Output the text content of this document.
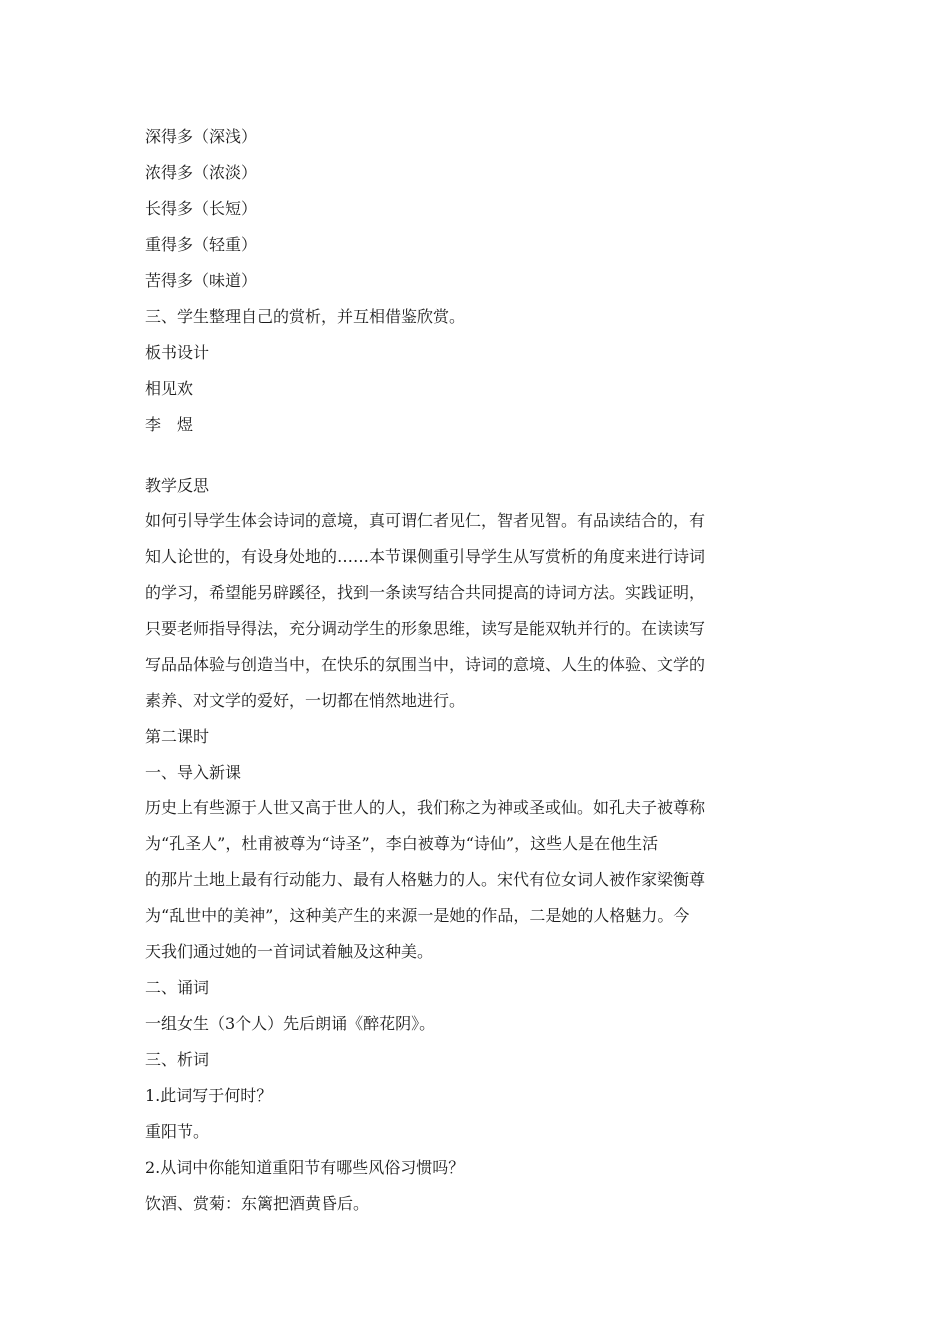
深得多（深浅）
浓得多（浓淡）
长得多（长短）
重得多（轻重）
苦得多（味道）
三、学生整理自己的赏析，并互相借鉴欣赏。
板书设计
相见欢
李　煜
教学反思
如何引导学生体会诗词的意境，真可谓仁者见仁，智者见智。有品读结合的，有
知人论世的，有设身处地的……本节课侧重引导学生从写赏析的角度来进行诗词
的学习，希望能另辟蹊径，找到一条读写结合共同提高的诗词方法。实践证明，
只要老师指导得法，充分调动学生的形象思维，读写是能双轨并行的。在读读写
写品品体验与创造当中，在快乐的氛围当中，诗词的意境、人生的体验、文学的
素养、对文学的爱好，一切都在悄然地进行。
第二课时
一、导入新课
历史上有些源于人世又高于世人的人，我们称之为神或圣或仙。如孔夫子被尊称
为“孔圣人”，杜甫被尊为“诗圣”，李白被尊为“诗仙”，这些人是在他生活
的那片土地上最有行动能力、最有人格魅力的人。宋代有位女词人被作家梁衡尊
为“乱世中的美神”，这种美产生的来源一是她的作品，二是她的人格魅力。今
天我们通过她的一首词试着触及这种美。
二、诵词
一组女生（3个人）先后朗诵《醉花阴》。
三、析词
1.此词写于何时？
重阳节。
2.从词中你能知道重阳节有哪些风俗习惯吗？
饮酒、赏菊：东篱把酒黄昏后。
